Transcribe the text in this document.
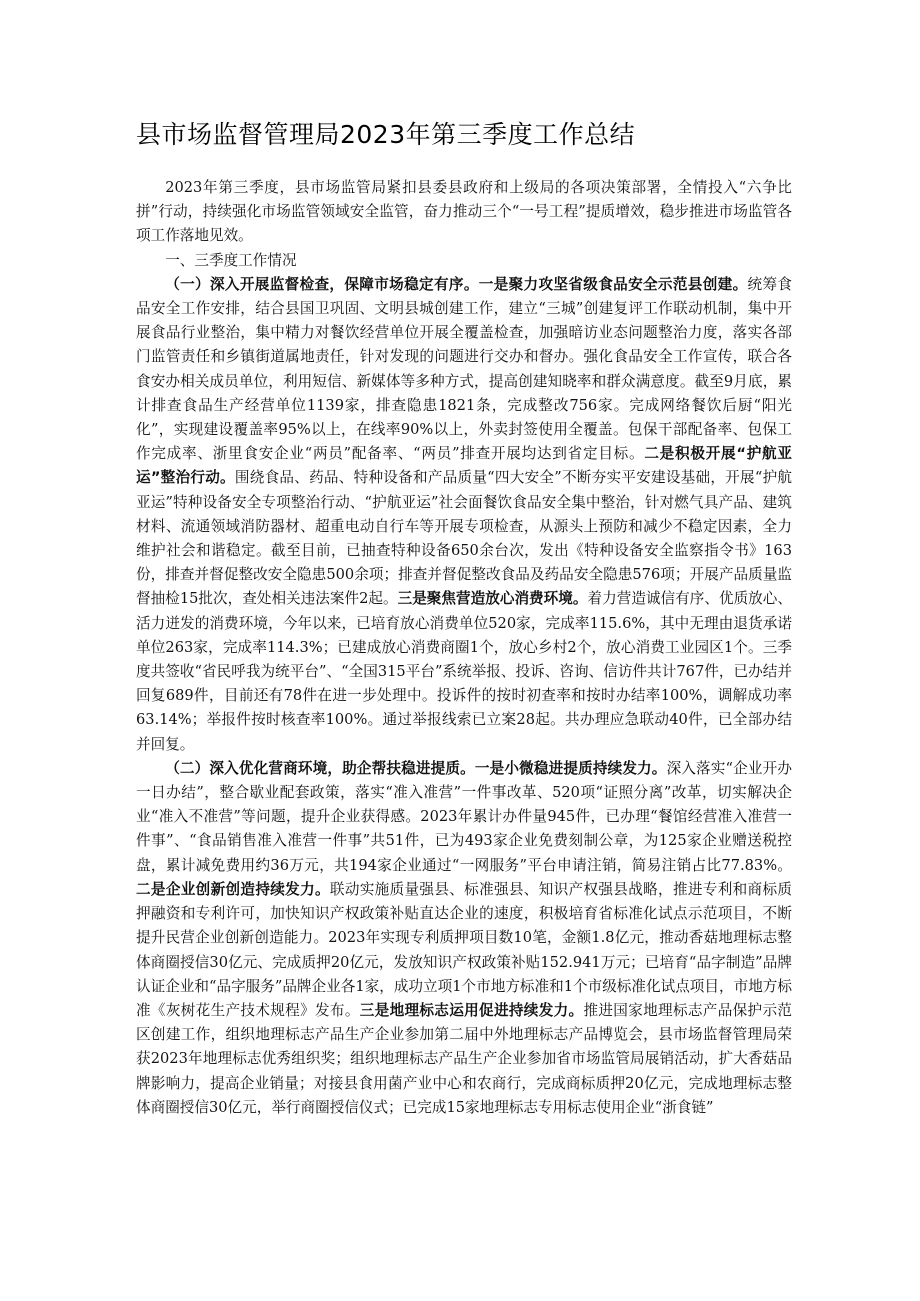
县市场监督管理局2023年第三季度工作总结

2023年第三季度，县市场监管局紧扣县委县政府和上级局的各项决策部署，全情投入“六争比拼”行动，持续强化市场监管领域安全监管，奋力推动三个“一号工程”提质增效，稳步推进市场监管各项工作落地见效。

一、三季度工作情况

（一）深入开展监督检查，保障市场稳定有序。一是聚力攻坚省级食品安全示范县创建。统筹食品安全工作安排，结合县国卫巩固、文明县城创建工作，建立“三城”创建复评工作联动机制，集中开展食品行业整治，集中精力对餐饮经营单位开展全覆盖检查，加强暗访业态问题整治力度，落实各部门监管责任和乡镇街道属地责任，针对发现的问题进行交办和督办。强化食品安全工作宣传，联合各食安办相关成员单位，利用短信、新媒体等多种方式，提高创建知晓率和群众满意度。截至9月底，累计排查食品生产经营单位1139家，排查隐患1821条，完成整改756家。完成网络餐饮后厨“阳光化”，实现建设覆盖率95%以上，在线率90%以上，外卖封签使用全覆盖。包保干部配备率、包保工作完成率、浙里食安企业“两员”配备率、“两员”排查开展均达到省定目标。二是积极开展“护航亚运”整治行动。围绕食品、药品、特种设备和产品质量“四大安全”不断夯实平安建设基础，开展“护航亚运”特种设备安全专项整治行动、“护航亚运”社会面餐饮食品安全集中整治，针对燃气具产品、建筑材料、流通领域消防器材、超重电动自行车等开展专项检查，从源头上预防和减少不稳定因素，全力维护社会和谐稳定。截至目前，已抽查特种设备650余台次，发出《特种设备安全监察指令书》163份，排查并督促整改安全隐患500余项；排查并督促整改食品及药品安全隐患576项；开展产品质量监督抽检15批次，查处相关违法案件2起。三是聚焦营造放心消费环境。着力营造诚信有序、优质放心、活力迸发的消费环境，今年以来，已培育放心消费单位520家，完成率115.6%，其中无理由退货承诺单位263家，完成率114.3%；已建成放心消费商圈1个，放心乡村2个，放心消费工业园区1个。三季度共签收“省民呼我为统平台”、“全国315平台”系统举报、投诉、咨询、信访件共计767件，已办结并回复689件，目前还有78件在进一步处理中。投诉件的按时初查率和按时办结率100%，调解成功率63.14%；举报件按时核查率100%。通过举报线索已立案28起。共办理应急联动40件，已全部办结并回复。

（二）深入优化营商环境，助企帮扶稳进提质。一是小微稳进提质持续发力。深入落实“企业开办一日办结”，整合歇业配套政策，落实“准入准营”一件事改革、520项“证照分离”改革，切实解决企业“准入不准营”等问题，提升企业获得感。2023年累计办件量945件，已办理“餐馆经营准入准营一件事”、“食品销售准入准营一件事”共51件，已为493家企业免费刻制公章，为125家企业赠送税控盘，累计减免费用约36万元，共194家企业通过“一网服务”平台申请注销，简易注销占比77.83%。二是企业创新创造持续发力。联动实施质量强县、标准强县、知识产权强县战略，推进专利和商标质押融资和专利许可，加快知识产权政策补贴直达企业的速度，积极培育省标准化试点示范项目，不断提升民营企业创新创造能力。2023年实现专利质押项目数10笔，金额1.8亿元，推动香菇地理标志整体商圈授信30亿元、完成质押20亿元，发放知识产权政策补贴152.941万元；已培育“品字制造”品牌认证企业和“品字服务”品牌企业各1家，成功立项1个市地方标准和1个市级标准化试点项目，市地方标准《灰树花生产技术规程》发布。三是地理标志运用促进持续发力。推进国家地理标志产品保护示范区创建工作，组织地理标志产品生产企业参加第二届中外地理标志产品博览会，县市场监督管理局荣获2023年地理标志优秀组织奖；组织地理标志产品生产企业参加省市场监管局展销活动，扩大香菇品牌影响力，提高企业销量；对接县食用菌产业中心和农商行，完成商标质押20亿元，完成地理标志整体商圈授信30亿元，举行商圈授信仪式；已完成15家地理标志专用标志使用企业“浙食链”
